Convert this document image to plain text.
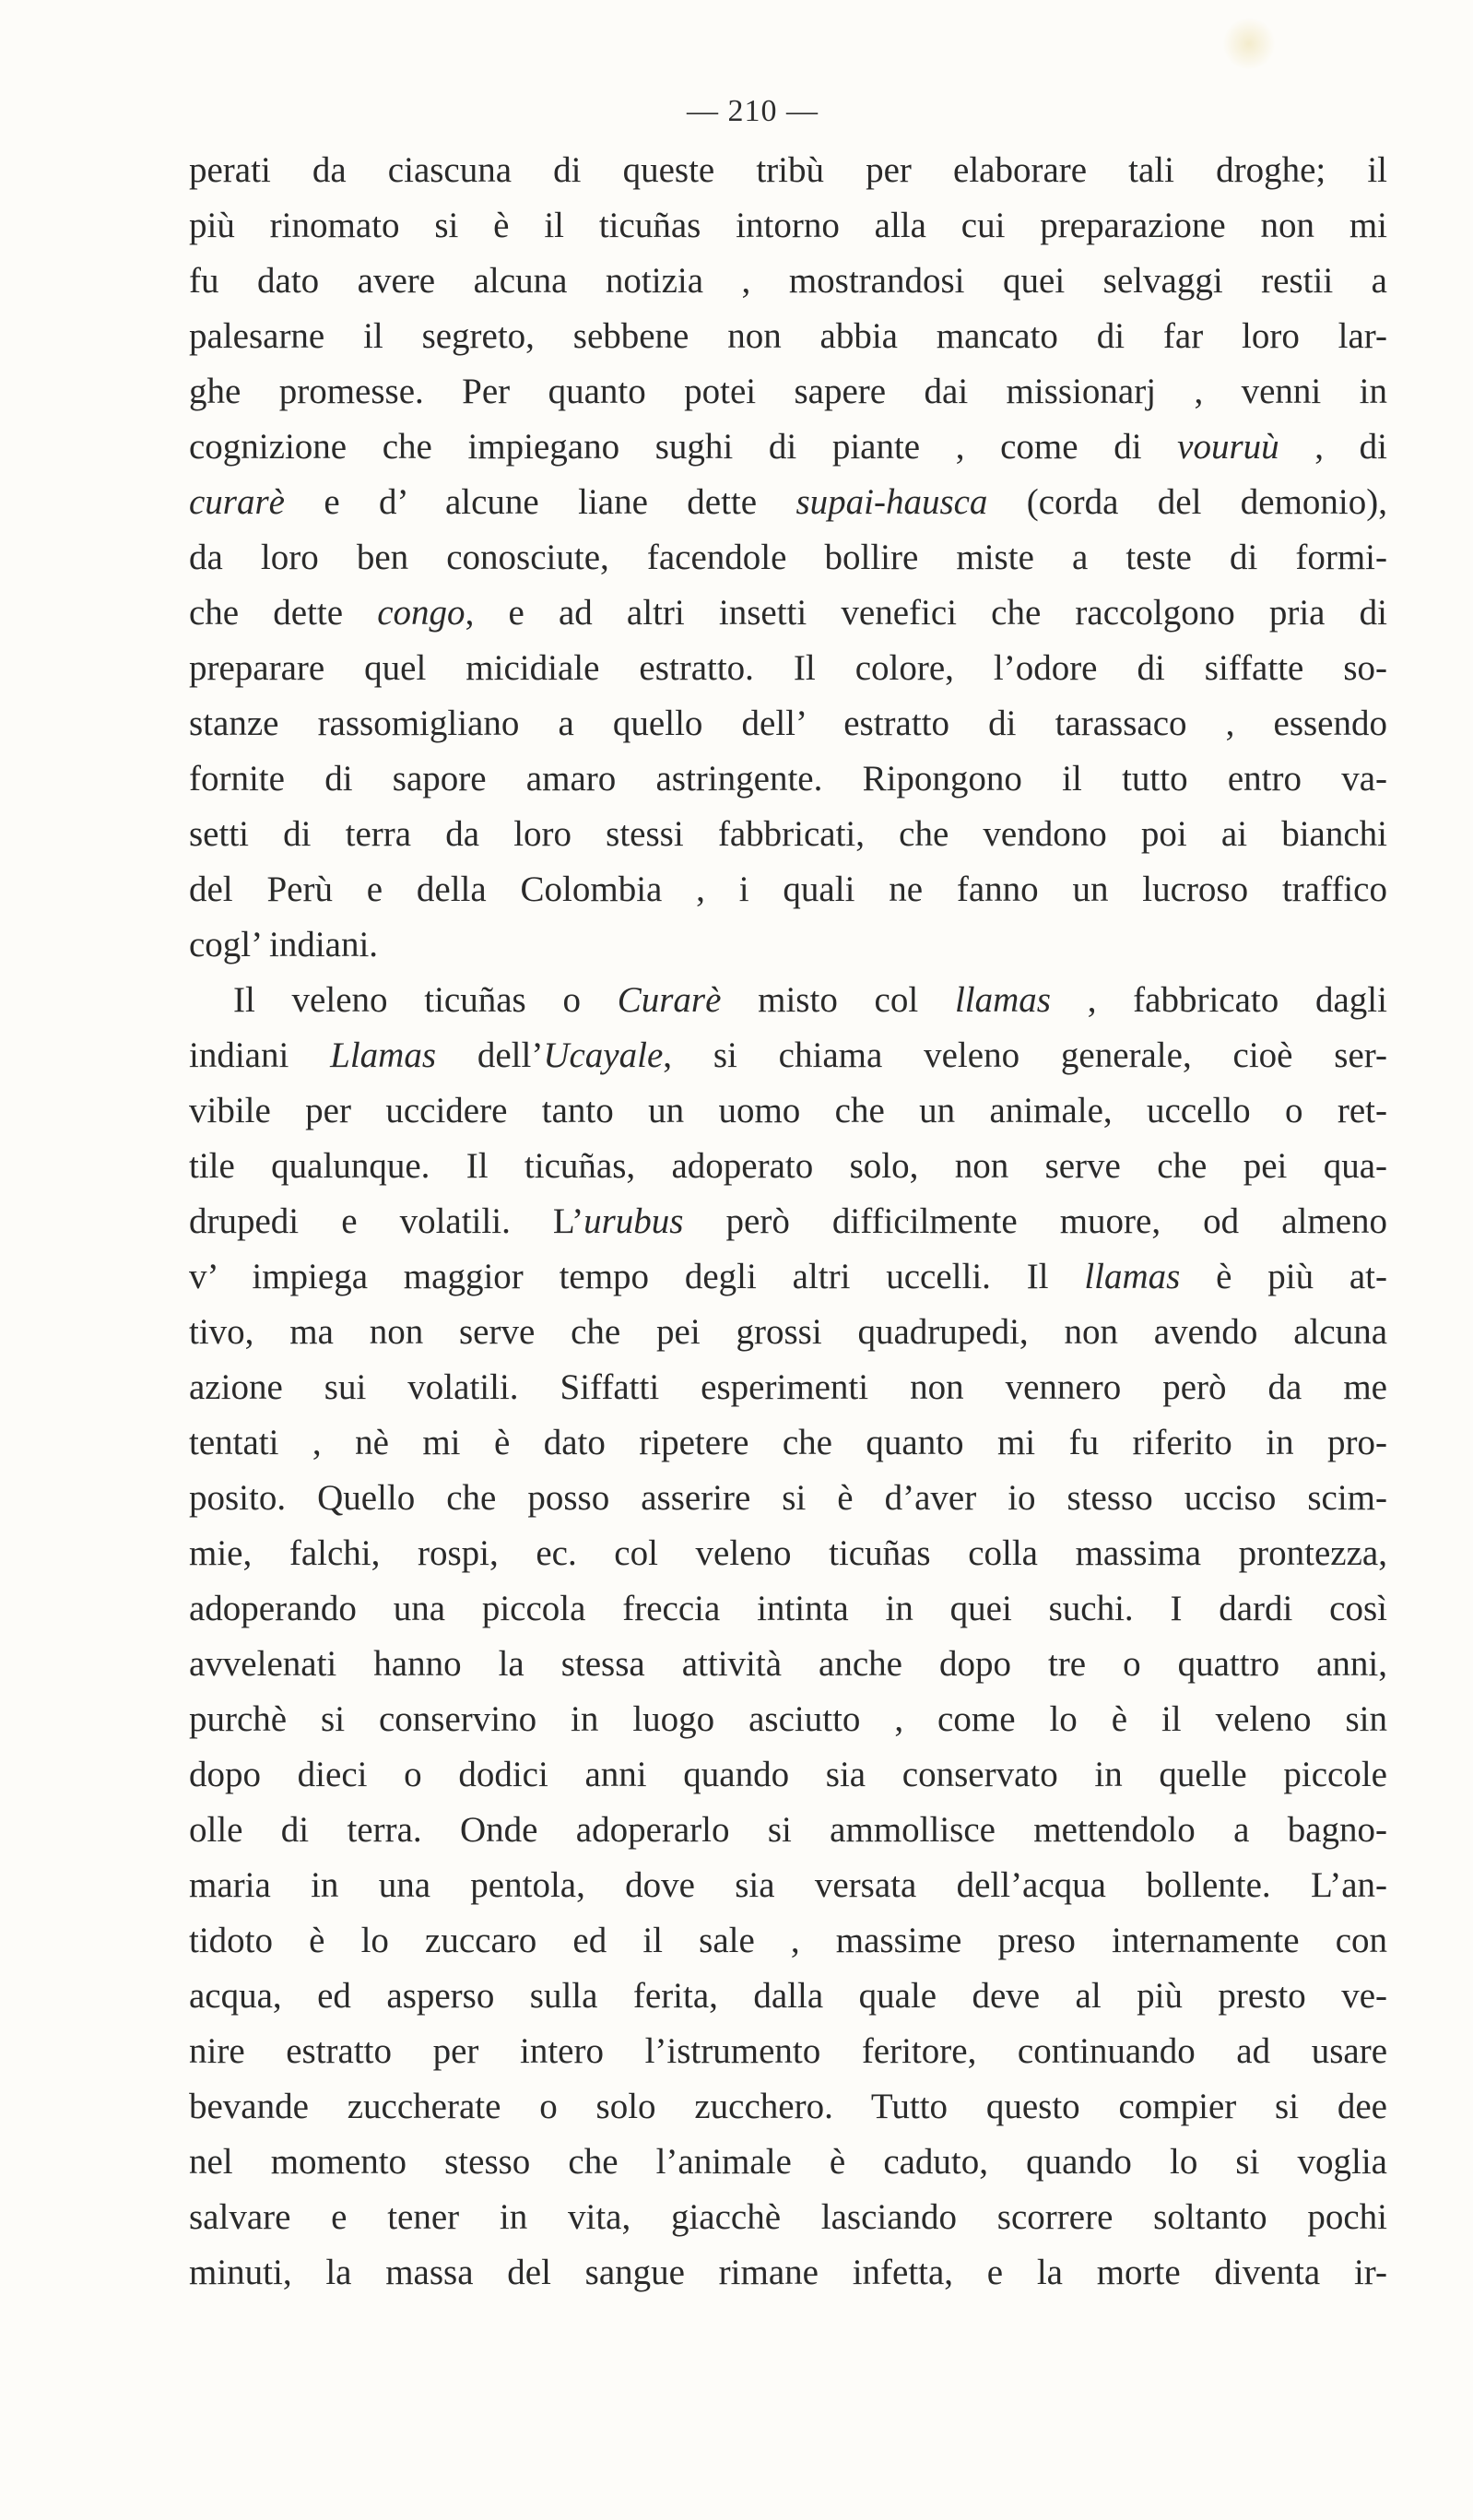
— 210 —
perati da ciascuna di queste tribù per elaborare tali droghe; il
più rinomato si è il ticuñas intorno alla cui preparazione non mi
fu dato avere alcuna notizia , mostrandosi quei selvaggi restii a
palesarne il segreto, sebbene non abbia mancato di far loro lar-
ghe promesse. Per quanto potei sapere dai missionarj , venni in
cognizione che impiegano sughi di piante , come di vouruù , di
curarè e d’ alcune liane dette supai-hausca (corda del demonio),
da loro ben conosciute, facendole bollire miste a teste di formi-
che dette congo, e ad altri insetti venefici che raccolgono pria di
preparare quel micidiale estratto. Il colore, l’odore di siffatte so-
stanze rassomigliano a quello dell’ estratto di tarassaco , essendo
fornite di sapore amaro astringente. Ripongono il tutto entro va-
setti di terra da loro stessi fabbricati, che vendono poi ai bianchi
del Perù e della Colombia , i quali ne fanno un lucroso traffico
cogl’ indiani.
Il veleno ticuñas o Curarè misto col llamas , fabbricato dagli
indiani Llamas dell’Ucayale, si chiama veleno generale, cioè ser-
vibile per uccidere tanto un uomo che un animale, uccello o ret-
tile qualunque. Il ticuñas, adoperato solo, non serve che pei qua-
drupedi e volatili. L’urubus però difficilmente muore, od almeno
v’ impiega maggior tempo degli altri uccelli. Il llamas è più at-
tivo, ma non serve che pei grossi quadrupedi, non avendo alcuna
azione sui volatili. Siffatti esperimenti non vennero però da me
tentati , nè mi è dato ripetere che quanto mi fu riferito in pro-
posito. Quello che posso asserire si è d’aver io stesso ucciso scim-
mie, falchi, rospi, ec. col veleno ticuñas colla massima prontezza,
adoperando una piccola freccia intinta in quei suchi. I dardi così
avvelenati hanno la stessa attività anche dopo tre o quattro anni,
purchè si conservino in luogo asciutto , come lo è il veleno sin
dopo dieci o dodici anni quando sia conservato in quelle piccole
olle di terra. Onde adoperarlo si ammollisce mettendolo a bagno-
maria in una pentola, dove sia versata dell’acqua bollente. L’an-
tidoto è lo zuccaro ed il sale , massime preso internamente con
acqua, ed asperso sulla ferita, dalla quale deve al più presto ve-
nire estratto per intero l’istrumento feritore, continuando ad usare
bevande zuccherate o solo zucchero. Tutto questo compier si dee
nel momento stesso che l’animale è caduto, quando lo si voglia
salvare e tener in vita, giacchè lasciando scorrere soltanto pochi
minuti, la massa del sangue rimane infetta, e la morte diventa ir-
